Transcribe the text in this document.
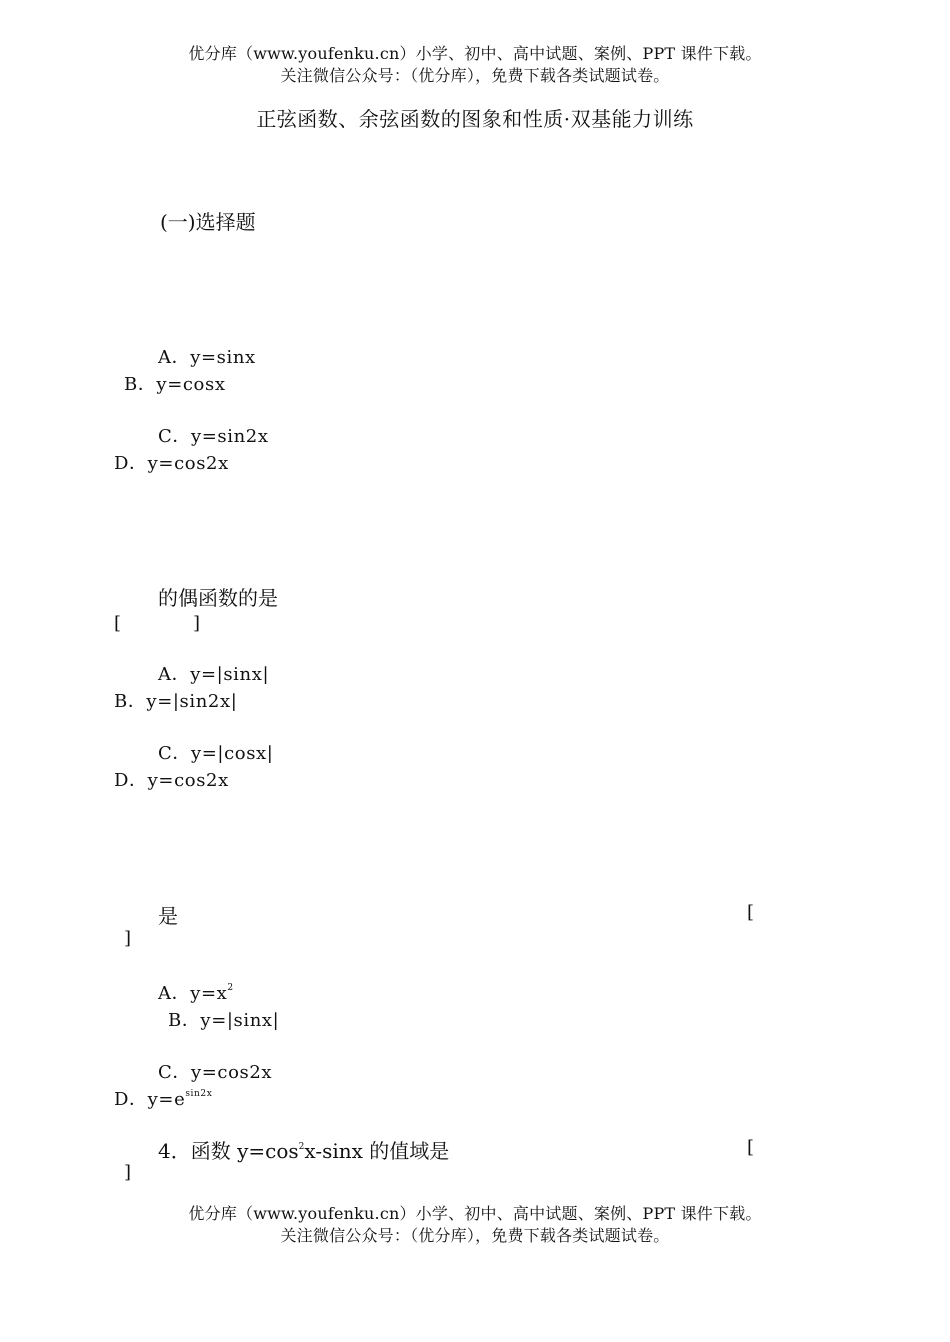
优分库（www.youfenku.cn）小学、初中、高中试题、案例、PPT 课件下载。
关注微信公众号：（优分库），免费下载各类试题试卷。
正弦函数、余弦函数的图象和性质·双基能力训练
(一)选择题
A．y=sinx
B．y=cosx
C．y=sin2x
D．y=cos2x
的偶函数的是
[　　　　]
A．y=|sinx|
B．y=|sin2x|
C．y=|cosx|
D．y=cos2x
是	[
]
A．$y=x^2$
B．y=|sinx|
C．y=cos2x
D．$y=e^{sin2x}$
4．函数 $y=\cos^2x$-sinx 的值域是	[
]
优分库（www.youfenku.cn）小学、初中、高中试题、案例、PPT 课件下载。
关注微信公众号：（优分库），免费下载各类试题试卷。
